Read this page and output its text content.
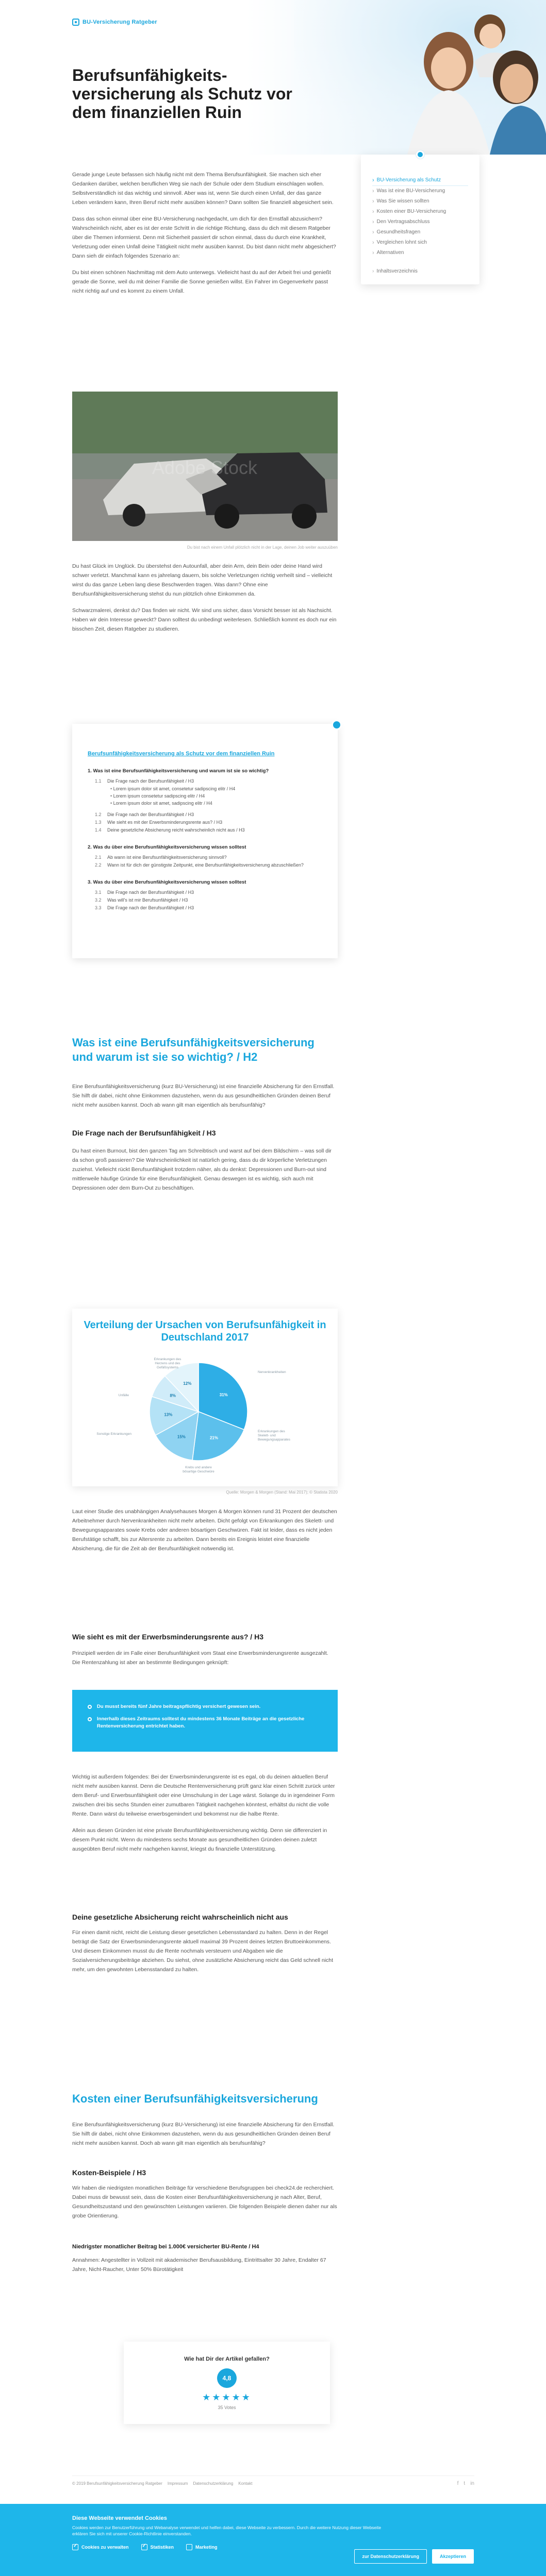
BU-Versicherung Ratgeber
Berufsunfähigkeits-versicherung als Schutz vor dem finanziellen Ruin
› BU-Versicherung als Schutz
› Was ist eine BU-Versicherung
› Was Sie wissen sollten
› Kosten einer BU-Versicherung
› Den Vertragsabschluss
› Gesundheitsfragen
› Vergleichen lohnt sich
› Alternativen
› Inhaltsverzeichnis

Gerade junge Leute befassen sich häufig nicht mit dem Thema Berufsunfähigkeit. Sie machen sich eher Gedanken darüber, welchen beruflichen Weg sie nach der Schule oder dem Studium einschlagen wollen. Selbstverständlich ist das wichtig und sinnvoll. Aber was ist, wenn Sie durch einen Unfall, der das ganze Leben verändern kann, Ihren Beruf nicht mehr ausüben können? Dann sollten Sie finanziell abgesichert sein.

Dass das schon einmal über eine BU-Versicherung nachgedacht, um dich für den Ernstfall abzusichern? Wahrscheinlich nicht, aber es ist der erste Schritt in die richtige Richtung, dass du dich mit diesem Ratgeber über die Themen informierst. Denn mit Sicherheit passiert dir schon einmal, dass du durch eine Krankheit, Verletzung oder einen Unfall deine Tätigkeit nicht mehr ausüben kannst. Du bist dann nicht mehr abgesichert? Dann sieh dir einfach folgendes Szenario an:

Du bist einen schönen Nachmittag mit dem Auto unterwegs. Vielleicht hast du auf der Arbeit frei und genießt gerade die Sonne, weil du mit deiner Familie die Sonne genießen willst. Ein Fahrer im Gegenverkehr passt nicht richtig auf und es kommt zu einem Unfall.

Adobe Stock
Du bist nach einem Unfall plötzlich nicht in der Lage, deinen Job weiter auszuüben

Du hast Glück im Unglück. Du überstehst den Autounfall, aber dein Arm, dein Bein oder deine Hand wird schwer verletzt. Manchmal kann es jahrelang dauern, bis solche Verletzungen richtig verheilt sind – vielleicht wirst du das ganze Leben lang diese Beschwerden tragen. Was dann? Ohne eine Berufsunfähigkeitsversicherung stehst du nun plötzlich ohne Einkommen da.

Schwarzmalerei, denkst du? Das finden wir nicht. Wir sind uns sicher, dass Vorsicht besser ist als Nachsicht. Haben wir dein Interesse geweckt? Dann solltest du unbedingt weiterlesen. Schließlich kommt es doch nur ein bisschen Zeit, diesen Ratgeber zu studieren.

Berufsunfähigkeitsversicherung als Schutz vor dem finanziellen Ruin
1. Was ist eine Berufsunfähigkeitsversicherung und warum ist sie so wichtig?
1.1	Die Frage nach der Berufsunfähigkeit / H3
• Lorem ipsum dolor sit amet, consetetur sadipscing elitr / H4
• Lorem ipsum consetetur sadipscing elitr / H4
• Lorem ipsum dolor sit amet, sadipscing elitr / H4
1.2	Die Frage nach der Berufsunfähigkeit / H3
1.3	Wie sieht es mit der Erwerbsminderungsrente aus? / H3
1.4	Deine gesetzliche Absicherung reicht wahrscheinlich nicht aus / H3
2. Was du über eine Berufsunfähigkeitsversicherung wissen solltest
2.1	Ab wann ist eine Berufsunfähigkeitsversicherung sinnvoll?
2.2	Wann ist für dich der günstigste Zeitpunkt, eine Berufsunfähigkeitsversicherung abzuschließen?
3. Was du über eine Berufsunfähigkeitsversicherung wissen solltest
3.1	Die Frage nach der Berufsunfähigkeit / H3
3.2	Was will's ist mir Berufsunfähigkeit / H3
3.3	Die Frage nach der Berufsunfähigkeit / H3
Was ist eine Berufsunfähigkeitsversicherung und warum ist sie so wichtig? / H2

Eine Berufsunfähigkeitsversicherung (kurz BU-Versicherung) ist eine finanzielle Absicherung für den Ernstfall. Sie hilft dir dabei, nicht ohne Einkommen dazustehen, wenn du aus gesundheitlichen Gründen deinen Beruf nicht mehr ausüben kannst. Doch ab wann gilt man eigentlich als berufsunfähig?

Die Frage nach der Berufsunfähigkeit / H3

Du hast einen Burnout, bist den ganzen Tag am Schreibtisch und warst auf bei dem Bildschirm – was soll dir da schon groß passieren? Die Wahrscheinlichkeit ist natürlich gering, dass du dir körperliche Verletzungen zuziehst. Vielleicht rückt Berufsunfähigkeit trotzdem näher, als du denkst: Depressionen und Burn-out sind mittlerweile häufige Gründe für eine Berufsunfähigkeit. Genau deswegen ist es wichtig, sich auch mit Depressionen oder dem Burn-Out zu beschäftigen.

Verteilung der Ursachen von Berufsunfähigkeit in Deutschland 2017
31%
Nervenkrankheiten
21%
Erkrankungen des Skelett- und Bewegungsapparates
15%
Krebs und andere bösartige Geschwüre
13%
Sonstige Erkrankungen
8%
Unfälle
12%
Erkrankungen des Herzens und des Gefäßsystems
Quelle: Morgen & Morgen (Stand: Mai 2017); © Statista 2020

Laut einer Studie des unabhängigen Analysehauses Morgen & Morgen können rund 31 Prozent der deutschen Arbeitnehmer durch Nervenkrankheiten nicht mehr arbeiten. Dicht gefolgt von Erkrankungen des Skelett- und Bewegungsapparates sowie Krebs oder anderen bösartigen Geschwüren. Fakt ist leider, dass es nicht jeden Berufstätige schafft, bis zur Altersrente zu arbeiten. Dann bereits ein Ereignis leistet eine finanzielle Absicherung, die für die Zeit ab der Berufsunfähigkeit notwendig ist.

Wie sieht es mit der Erwerbsminderungsrente aus? / H3

Prinzipiell werden dir im Falle einer Berufsunfähigkeit vom Staat eine Erwerbsminderungsrente ausgezahlt. Die Rentenzahlung ist aber an bestimmte Bedingungen geknüpft:

Du musst bereits fünf Jahre beitragspflichtig versichert gewesen sein.
Innerhalb dieses Zeitraums solltest du mindestens 36 Monate Beiträge an die gesetzliche Rentenversicherung entrichtet haben.

Wichtig ist außerdem folgendes: Bei der Erwerbsminderungsrente ist es egal, ob du deinen aktuellen Beruf nicht mehr ausüben kannst. Denn die Deutsche Rentenversicherung prüft ganz klar einen Schritt zurück unter dem Beruf- und Erwerbsunfähigkeit oder eine Umschulung in der Lage wärst. Solange du in irgendeiner Form zwischen drei bis sechs Stunden einer zumutbaren Tätigkeit nachgehen könntest, erhältst du nicht die volle Rente. Dann wärst du teilweise erwerbsgemindert und bekommst nur die halbe Rente.

Allein aus diesen Gründen ist eine private Berufsunfähigkeitsversicherung wichtig. Denn sie differenziert in diesem Punkt nicht. Wenn du mindestens sechs Monate aus gesundheitlichen Gründen deinen zuletzt ausgeübten Beruf nicht mehr nachgehen kannst, kriegst du finanzielle Unterstützung.

Deine gesetzliche Absicherung reicht wahrscheinlich nicht aus

Für einen damit nicht, reicht die Leistung dieser gesetzlichen Lebensstandard zu halten. Denn in der Regel beträgt die Satz der Erwerbsminderungsrente aktuell maximal 39 Prozent deines letzten Bruttoeinkommens. Und diesem Einkommen musst du die Rente nochmals versteuern und Abgaben wie die Sozialversicherungsbeiträge abziehen. Du siehst, ohne zusätzliche Absicherung reicht das Geld schnell nicht mehr, um den gewohnten Lebensstandard zu halten.

Kosten einer Berufsunfähigkeitsversicherung

Eine Berufsunfähigkeitsversicherung (kurz BU-Versicherung) ist eine finanzielle Absicherung für den Ernstfall. Sie hilft dir dabei, nicht ohne Einkommen dazustehen, wenn du aus gesundheitlichen Gründen deinen Beruf nicht mehr ausüben kannst. Doch ab wann gilt man eigentlich als berufsunfähig?

Kosten-Beispiele / H3

Wir haben die niedrigsten monatlichen Beiträge für verschiedene Berufsgruppen bei check24.de recherchiert. Dabei muss dir bewusst sein, dass die Kosten einer Berufsunfähigkeitsversicherung je nach Alter, Beruf, Gesundheitszustand und den gewünschten Leistungen variieren. Die folgenden Beispiele dienen daher nur als grobe Orientierung.

Niedrigster monatlicher Beitrag bei 1.000€ versicherter BU-Rente / H4

Annahmen: Angestellter in Vollzeit mit akademischer Berufsausbildung, Eintrittsalter 30 Jahre, Endalter 67 Jahre, Nicht-Raucher, Unter 50% Bürotätigkeit

Wie hat Dir der Artikel gefallen?
4,8
★★★★★
35 Votes
© 2019 Berufsunfähigkeitsversicherung Ratgeber Impressum Datenschutzerklärung Kontakt	f t in
Diese Webseite verwendet Cookies
Cookies werden zur Benutzerführung und Webanalyse verwendet und helfen dabei, diese Webseite zu verbessern. Durch die weitere Nutzung dieser Webseite erklären Sie sich mit unserer Cookie-Richtlinie einverstanden.
✓
Cookies zu verwalten
✓	Statistiken	Marketing
zur Datenschutzerklärung	Akzeptieren
